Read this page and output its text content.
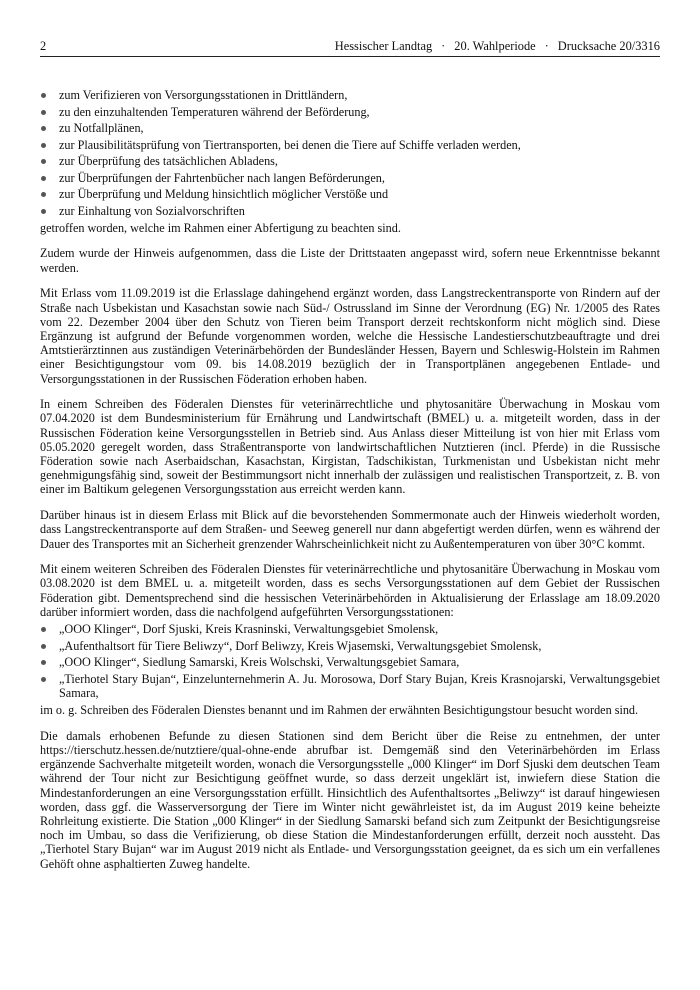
2	Hessischer Landtag · 20. Wahlperiode · Drucksache 20/3316
zum Verifizieren von Versorgungsstationen in Drittländern,
zu den einzuhaltenden Temperaturen während der Beförderung,
zu Notfallplänen,
zur Plausibilitätsprüfung von Tiertransporten, bei denen die Tiere auf Schiffe verladen werden,
zur Überprüfung des tatsächlichen Abladens,
zur Überprüfungen der Fahrtenbücher nach langen Beförderungen,
zur Überprüfung und Meldung hinsichtlich möglicher Verstöße und
zur Einhaltung von Sozialvorschriften

getroffen worden, welche im Rahmen einer Abfertigung zu beachten sind.

Zudem wurde der Hinweis aufgenommen, dass die Liste der Drittstaaten angepasst wird, sofern neue Erkenntnisse bekannt werden.

Mit Erlass vom 11.09.2019 ist die Erlasslage dahingehend ergänzt worden, dass Langstreckentransporte von Rindern auf der Straße nach Usbekistan und Kasachstan sowie nach Süd-/ Ostrussland im Sinne der Verordnung (EG) Nr. 1/2005 des Rates vom 22. Dezember 2004 über den Schutz von Tieren beim Transport derzeit rechtskonform nicht möglich sind. Diese Ergänzung ist aufgrund der Befunde vorgenommen worden, welche die Hessische Landestierschutzbeauftragte und drei Amtstierärztinnen aus zuständigen Veterinärbehörden der Bundesländer Hessen, Bayern und Schleswig-Holstein im Rahmen einer Besichtigungstour vom 09. bis 14.08.2019 bezüglich der in Transportplänen angegebenen Entlade- und Versorgungsstationen in der Russischen Föderation erhoben haben.

In einem Schreiben des Föderalen Dienstes für veterinärrechtliche und phytosanitäre Überwachung in Moskau vom 07.04.2020 ist dem Bundesministerium für Ernährung und Landwirtschaft (BMEL) u. a. mitgeteilt worden, dass in der Russischen Föderation keine Versorgungsstellen in Betrieb sind. Aus Anlass dieser Mitteilung ist von hier mit Erlass vom 05.05.2020 geregelt worden, dass Straßentransporte von landwirtschaftlichen Nutztieren (incl. Pferde) in die Russische Föderation sowie nach Aserbaidschan, Kasachstan, Kirgistan, Tadschikistan, Turkmenistan und Usbekistan nicht mehr genehmigungsfähig sind, soweit der Bestimmungsort nicht innerhalb der zulässigen und realistischen Transportzeit, z. B. von einer im Baltikum gelegenen Versorgungsstation aus erreicht werden kann.

Darüber hinaus ist in diesem Erlass mit Blick auf die bevorstehenden Sommermonate auch der Hinweis wiederholt worden, dass Langstreckentransporte auf dem Straßen- und Seeweg generell nur dann abgefertigt werden dürfen, wenn es während der Dauer des Transportes mit an Sicherheit grenzender Wahrscheinlichkeit nicht zu Außentemperaturen von über 30°C kommt.

Mit einem weiteren Schreiben des Föderalen Dienstes für veterinärrechtliche und phytosanitäre Überwachung in Moskau vom 03.08.2020 ist dem BMEL u. a. mitgeteilt worden, dass es sechs Versorgungsstationen auf dem Gebiet der Russischen Föderation gibt. Dementsprechend sind die hessischen Veterinärbehörden in Aktualisierung der Erlasslage am 18.09.2020 darüber informiert worden, dass die nachfolgend aufgeführten Versorgungsstationen:

„OOO Klinger“, Dorf Sjuski, Kreis Krasninski, Verwaltungsgebiet Smolensk,
„Aufenthaltsort für Tiere Beliwzy“, Dorf Beliwzy, Kreis Wjasemski, Verwaltungsgebiet Smolensk,
„OOO Klinger“, Siedlung Samarski, Kreis Wolschski, Verwaltungsgebiet Samara,
„Tierhotel Stary Bujan“, Einzelunternehmerin A. Ju. Morosowa, Dorf Stary Bujan, Kreis Krasnojarski, Verwaltungsgebiet Samara,

im o. g. Schreiben des Föderalen Dienstes benannt und im Rahmen der erwähnten Besichtigungstour besucht worden sind.

Die damals erhobenen Befunde zu diesen Stationen sind dem Bericht über die Reise zu entnehmen, der unter https://tierschutz.hessen.de/nutztiere/qual-ohne-ende abrufbar ist. Demgemäß sind den Veterinärbehörden im Erlass ergänzende Sachverhalte mitgeteilt worden, wonach die Versorgungsstelle „000 Klinger“ im Dorf Sjuski dem deutschen Team während der Tour nicht zur Besichtigung geöffnet wurde, so dass derzeit ungeklärt ist, inwiefern diese Station die Mindestanforderungen an eine Versorgungsstation erfüllt. Hinsichtlich des Aufenthaltsortes „Beliwzy“ ist darauf hingewiesen worden, dass ggf. die Wasserversorgung der Tiere im Winter nicht gewährleistet ist, da im August 2019 keine beheizte Rohrleitung existierte. Die Station „000 Klinger“ in der Siedlung Samarski befand sich zum Zeitpunkt der Besichtigungsreise noch im Umbau, so dass die Verifizierung, ob diese Station die Mindestanforderungen erfüllt, derzeit noch aussteht. Das „Tierhotel Stary Bujan“ war im August 2019 nicht als Entlade- und Versorgungsstation geeignet, da es sich um ein verfallenes Gehöft ohne asphaltierten Zuweg handelte.
